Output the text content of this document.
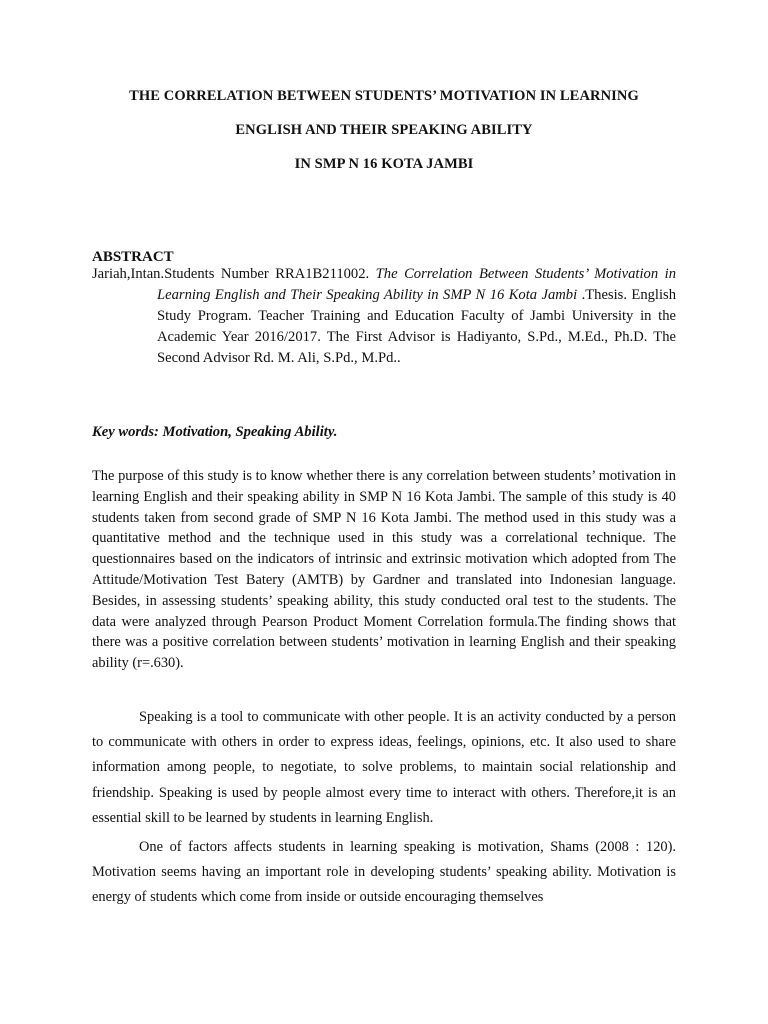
THE CORRELATION BETWEEN STUDENTS’ MOTIVATION IN LEARNING

ENGLISH AND THEIR SPEAKING ABILITY

IN SMP N 16 KOTA JAMBI

ABSTRACT

Jariah,Intan.Students Number RRA1B211002. The Correlation Between Students’ Motivation in Learning English and Their Speaking Ability in SMP N 16 Kota Jambi .Thesis. English Study Program. Teacher Training and Education Faculty of Jambi University in the Academic Year 2016/2017. The First Advisor is Hadiyanto, S.Pd., M.Ed., Ph.D. The Second Advisor Rd. M. Ali, S.Pd., M.Pd..

Key words: Motivation, Speaking Ability.

The purpose of this study is to know whether there is any correlation between students’ motivation in learning English and their speaking ability in SMP N 16 Kota Jambi. The sample of this study is 40 students taken from second grade of SMP N 16 Kota Jambi. The method used in this study was a quantitative method and the technique used in this study was a correlational technique. The questionnaires based on the indicators of intrinsic and extrinsic motivation which adopted from The Attitude/Motivation Test Batery (AMTB) by Gardner and translated into Indonesian language. Besides, in assessing students’ speaking ability, this study conducted oral test to the students. The data were analyzed through Pearson Product Moment Correlation formula.The finding shows that there was a positive correlation between students’ motivation in learning English and their speaking ability (r=.630).

Speaking is a tool to communicate with other people. It is an activity conducted by a person to communicate with others in order to express ideas, feelings, opinions, etc. It also used to share information among people, to negotiate, to solve problems, to maintain social relationship and friendship. Speaking is used by people almost every time to interact with others. Therefore,it is an essential skill to be learned by students in learning English.

One of factors affects students in learning speaking is motivation, Shams (2008 : 120). Motivation seems having an important role in developing students’ speaking ability. Motivation is energy of students which come from inside or outside encouraging themselves
